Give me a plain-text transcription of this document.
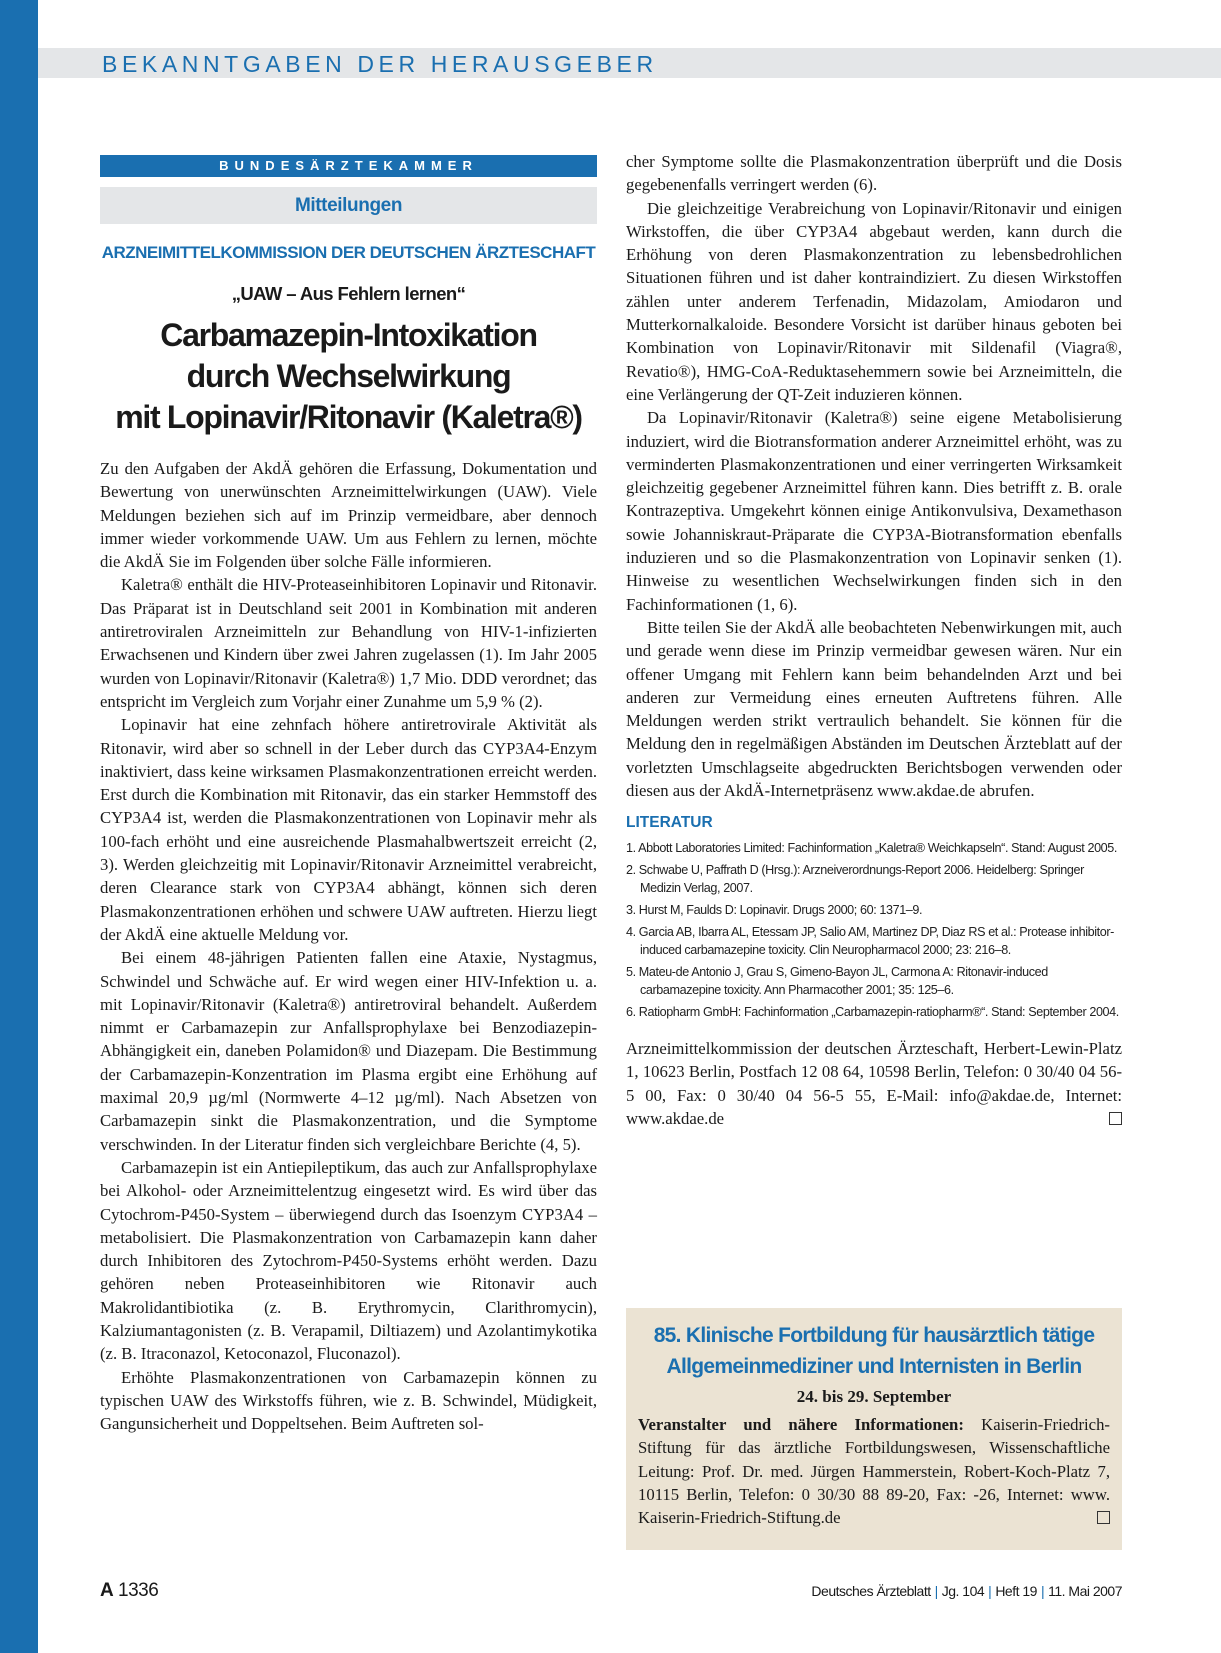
BEKANNTGABEN DER HERAUSGEBER
BUNDESÄRZTEKAMMER
Mitteilungen
ARZNEIMITTELKOMMISSION DER DEUTSCHEN ÄRZTESCHAFT
„UAW – Aus Fehlern lernen“
Carbamazepin-Intoxikation
durch Wechselwirkung
mit Lopinavir/Ritonavir (Kaletra®)

Zu den Aufgaben der AkdÄ gehören die Erfassung, Dokumentation und Bewertung von unerwünschten Arzneimittelwirkungen (UAW). Viele Meldungen beziehen sich auf im Prinzip vermeidbare, aber dennoch immer wieder vorkommende UAW. Um aus Fehlern zu lernen, möchte die AkdÄ Sie im Folgenden über solche Fälle informieren.

Kaletra® enthält die HIV-Proteaseinhibitoren Lopinavir und Ritonavir. Das Präparat ist in Deutschland seit 2001 in Kombination mit anderen antiretroviralen Arzneimitteln zur Behandlung von HIV-1-infizierten Erwachsenen und Kindern über zwei Jahren zugelassen (1). Im Jahr 2005 wurden von Lopinavir/Ritonavir (Kaletra®) 1,7 Mio. DDD verordnet; das entspricht im Vergleich zum Vorjahr einer Zunahme um 5,9 % (2).

Lopinavir hat eine zehnfach höhere antiretrovirale Aktivität als Ritonavir, wird aber so schnell in der Leber durch das CYP3A4-Enzym inaktiviert, dass keine wirksamen Plasmakonzentrationen erreicht werden. Erst durch die Kombination mit Ritonavir, das ein starker Hemmstoff des CYP3A4 ist, werden die Plasmakonzentrationen von Lopinavir mehr als 100-fach erhöht und eine ausreichende Plasmahalbwertszeit erreicht (2, 3). Werden gleichzeitig mit Lopinavir/Ritonavir Arzneimittel verabreicht, deren Clearance stark von CYP3A4 abhängt, können sich deren Plasmakonzentrationen erhöhen und schwere UAW auftreten. Hierzu liegt der AkdÄ eine aktuelle Meldung vor.

Bei einem 48-jährigen Patienten fallen eine Ataxie, Nystagmus, Schwindel und Schwäche auf. Er wird wegen einer HIV-Infektion u. a. mit Lopinavir/Ritonavir (Kaletra®) antiretroviral behandelt. Außerdem nimmt er Carbamazepin zur Anfallsprophylaxe bei Benzodiazepin-Abhängigkeit ein, daneben Polamidon® und Diazepam. Die Bestimmung der Carbamazepin-Konzentration im Plasma ergibt eine Erhöhung auf maximal 20,9 µg/ml (Normwerte 4–12 µg/ml). Nach Absetzen von Carbamazepin sinkt die Plasmakonzentration, und die Symptome verschwinden. In der Literatur finden sich vergleichbare Berichte (4, 5).

Carbamazepin ist ein Antiepileptikum, das auch zur Anfallsprophylaxe bei Alkohol- oder Arzneimittelentzug eingesetzt wird. Es wird über das Cytochrom-P450-System – überwiegend durch das Isoenzym CYP3A4 – metabolisiert. Die Plasmakonzentration von Carbamazepin kann daher durch Inhibitoren des Zytochrom-P450-Systems erhöht werden. Dazu gehören neben Proteaseinhibitoren wie Ritonavir auch Makrolidantibiotika (z. B. Erythromycin, Clarithromycin), Kalziumantagonisten (z. B. Verapamil, Diltiazem) und Azolantimykotika (z. B. Itraconazol, Ketoconazol, Fluconazol).

Erhöhte Plasmakonzentrationen von Carbamazepin können zu typischen UAW des Wirkstoffs führen, wie z. B. Schwindel, Müdigkeit, Gangunsicherheit und Doppeltsehen. Beim Auftreten sol-

cher Symptome sollte die Plasmakonzentration überprüft und die Dosis gegebenenfalls verringert werden (6).

Die gleichzeitige Verabreichung von Lopinavir/Ritonavir und einigen Wirkstoffen, die über CYP3A4 abgebaut werden, kann durch die Erhöhung von deren Plasmakonzentration zu lebensbedrohlichen Situationen führen und ist daher kontraindiziert. Zu diesen Wirkstoffen zählen unter anderem Terfenadin, Midazolam, Amiodaron und Mutterkornalkaloide. Besondere Vorsicht ist darüber hinaus geboten bei Kombination von Lopinavir/Ritonavir mit Sildenafil (Viagra®, Revatio®), HMG-CoA-Reduktasehemmern sowie bei Arzneimitteln, die eine Verlängerung der QT-Zeit induzieren können.

Da Lopinavir/Ritonavir (Kaletra®) seine eigene Metabolisierung induziert, wird die Biotransformation anderer Arzneimittel erhöht, was zu verminderten Plasmakonzentrationen und einer verringerten Wirksamkeit gleichzeitig gegebener Arzneimittel führen kann. Dies betrifft z. B. orale Kontrazeptiva. Umgekehrt können einige Antikonvulsiva, Dexamethason sowie Johanniskraut-Präparate die CYP3A-Biotransformation ebenfalls induzieren und so die Plasmakonzentration von Lopinavir senken (1). Hinweise zu wesentlichen Wechselwirkungen finden sich in den Fachinformationen (1, 6).

Bitte teilen Sie der AkdÄ alle beobachteten Nebenwirkungen mit, auch und gerade wenn diese im Prinzip vermeidbar gewesen wären. Nur ein offener Umgang mit Fehlern kann beim behandelnden Arzt und bei anderen zur Vermeidung eines erneuten Auftretens führen. Alle Meldungen werden strikt vertraulich behandelt. Sie können für die Meldung den in regelmäßigen Abständen im Deutschen Ärzteblatt auf der vorletzten Umschlagseite abgedruckten Berichtsbogen verwenden oder diesen aus der AkdÄ-Internetpräsenz www.akdae.de abrufen.

LITERATUR
1. Abbott Laboratories Limited: Fachinformation „Kaletra® Weichkapseln“. Stand: August 2005.
2. Schwabe U, Paffrath D (Hrsg.): Arzneiverordnungs-Report 2006. Heidelberg: Springer Medizin Verlag, 2007.
3. Hurst M, Faulds D: Lopinavir. Drugs 2000; 60: 1371–9.
4. Garcia AB, Ibarra AL, Etessam JP, Salio AM, Martinez DP, Diaz RS et al.: Protease inhibitor-induced carbamazepine toxicity. Clin Neuropharmacol 2000; 23: 216–8.
5. Mateu-de Antonio J, Grau S, Gimeno-Bayon JL, Carmona A: Ritonavir-induced carbamazepine toxicity. Ann Pharmacother 2001; 35: 125–6.
6. Ratiopharm GmbH: Fachinformation „Carbamazepin-ratiopharm®“. Stand: September 2004.
Arzneimittelkommission der deutschen Ärzteschaft, Herbert-Lewin-Platz 1, 10623 Berlin, Postfach 12 08 64, 10598 Berlin, Telefon: 0 30/40 04 56-5 00, Fax: 0 30/40 04 56-5 55, E-Mail: info@akdae.de, Internet: www.akdae.de
85. Klinische Fortbildung für hausärztlich tätige
Allgemeinmediziner und Internisten in Berlin
24. bis 29. September
Veranstalter und nähere Informationen: Kaiserin-Friedrich-Stiftung für das ärztliche Fortbildungswesen, Wissenschaftliche Leitung: Prof. Dr. med. Jürgen Hammerstein, Robert-Koch-Platz 7, 10115 Berlin, Telefon: 0 30/30 88 89-20, Fax: -26, Internet: www. Kaiserin-Friedrich-Stiftung.de
A 1336	Deutsches Ärzteblatt | Jg. 104 | Heft 19 | 11. Mai 2007
